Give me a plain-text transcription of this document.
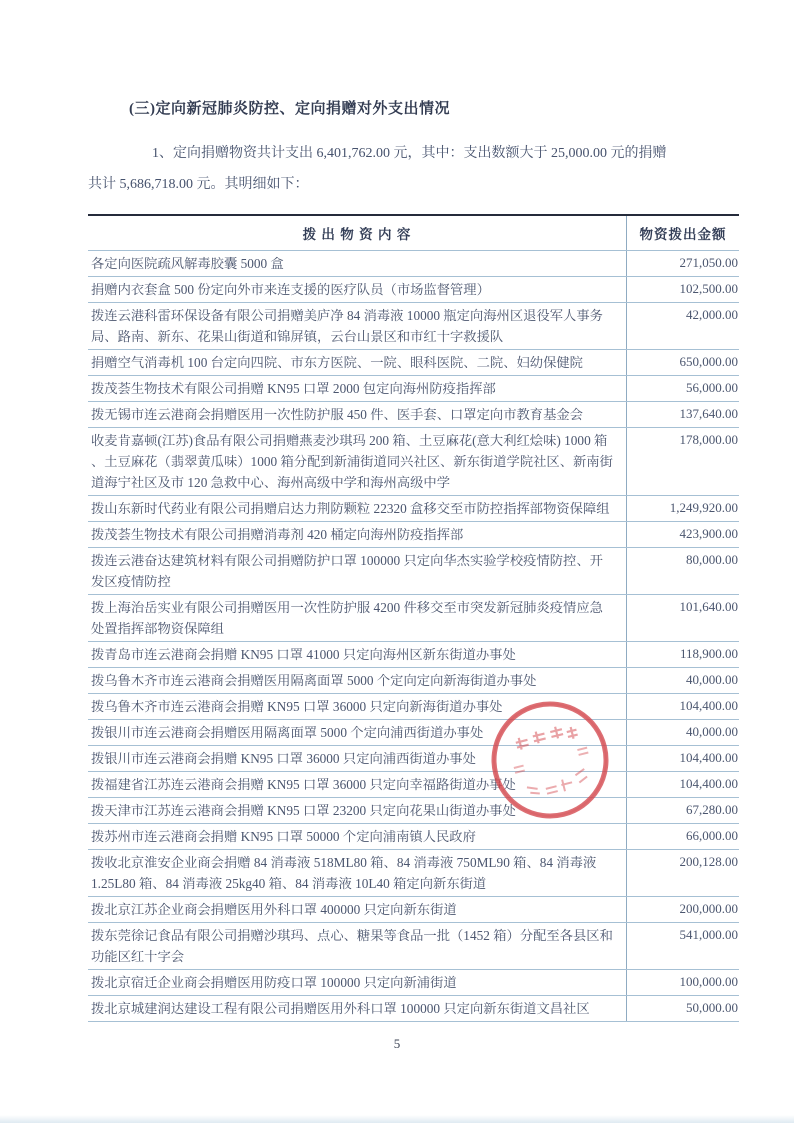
(三)定向新冠肺炎防控、定向捐赠对外支出情况

1、定向捐赠物资共计支出 6,401,762.00 元，其中：支出数额大于 25,000.00 元的捐赠
共计 5,686,718.00 元。其明细如下：

拨 出 物 资 内 容	物资拨出金额
各定向医院疏风解毒胶囊 5000 盒	271,050.00
捐赠内衣套盒 500 份定向外市来连支援的医疗队员（市场监督管理）	102,500.00
拨连云港科雷环保设备有限公司捐赠美庐净 84 消毒液 10000 瓶定向海州区退役军人事务局、路南、新东、花果山街道和锦屏镇，云台山景区和市红十字救援队	42,000.00
捐赠空气消毒机 100 台定向四院、市东方医院、一院、眼科医院、二院、妇幼保健院	650,000.00
拨茂荟生物技术有限公司捐赠 KN95 口罩 2000 包定向海州防疫指挥部	56,000.00
拨无锡市连云港商会捐赠医用一次性防护服 450 件、医手套、口罩定向市教育基金会	137,640.00
收麦肯嘉顿(江苏)食品有限公司捐赠燕麦沙琪玛 200 箱、土豆麻花(意大利红烩味) 1000 箱 、土豆麻花（翡翠黄瓜味）1000 箱分配到新浦街道同兴社区、新东街道学院社区、新南街道海宁社区及市 120 急救中心、海州高级中学和海州高级中学	178,000.00
拨山东新时代药业有限公司捐赠启达力荆防颗粒 22320 盒移交至市防控指挥部物资保障组	1,249,920.00
拨茂荟生物技术有限公司捐赠消毒剂 420 桶定向海州防疫指挥部	423,900.00
拨连云港奋达建筑材料有限公司捐赠防护口罩 100000 只定向华杰实验学校疫情防控、开发区疫情防控	80,000.00
拨上海治岳实业有限公司捐赠医用一次性防护服 4200 件移交至市突发新冠肺炎疫情应急处置指挥部物资保障组	101,640.00
拨青岛市连云港商会捐赠 KN95 口罩 41000 只定向海州区新东街道办事处	118,900.00
拨乌鲁木齐市连云港商会捐赠医用隔离面罩 5000 个定向定向新海街道办事处	40,000.00
拨乌鲁木齐市连云港商会捐赠 KN95 口罩 36000 只定向新海街道办事处	104,400.00
拨银川市连云港商会捐赠医用隔离面罩 5000 个定向浦西街道办事处	40,000.00
拨银川市连云港商会捐赠 KN95 口罩 36000 只定向浦西街道办事处	104,400.00
拨福建省江苏连云港商会捐赠 KN95 口罩 36000 只定向幸福路街道办事处	104,400.00
拨天津市江苏连云港商会捐赠 KN95 口罩 23200 只定向花果山街道办事处	67,280.00
拨苏州市连云港商会捐赠 KN95 口罩 50000 个定向浦南镇人民政府	66,000.00
拨收北京淮安企业商会捐赠 84 消毒液 518ML80 箱、84 消毒液 750ML90 箱、84 消毒液 1.25L80 箱、84 消毒液 25kg40 箱、84 消毒液 10L40 箱定向新东街道	200,128.00
拨北京江苏企业商会捐赠医用外科口罩 400000 只定向新东街道	200,000.00
拨东莞徐记食品有限公司捐赠沙琪玛、点心、糖果等食品一批（1452 箱）分配至各县区和功能区红十字会	541,000.00
拨北京宿迁企业商会捐赠医用防疫口罩 100000 只定向新浦街道	100,000.00
拨北京城建润达建设工程有限公司捐赠医用外科口罩 100000 只定向新东街道文昌社区	50,000.00
5
